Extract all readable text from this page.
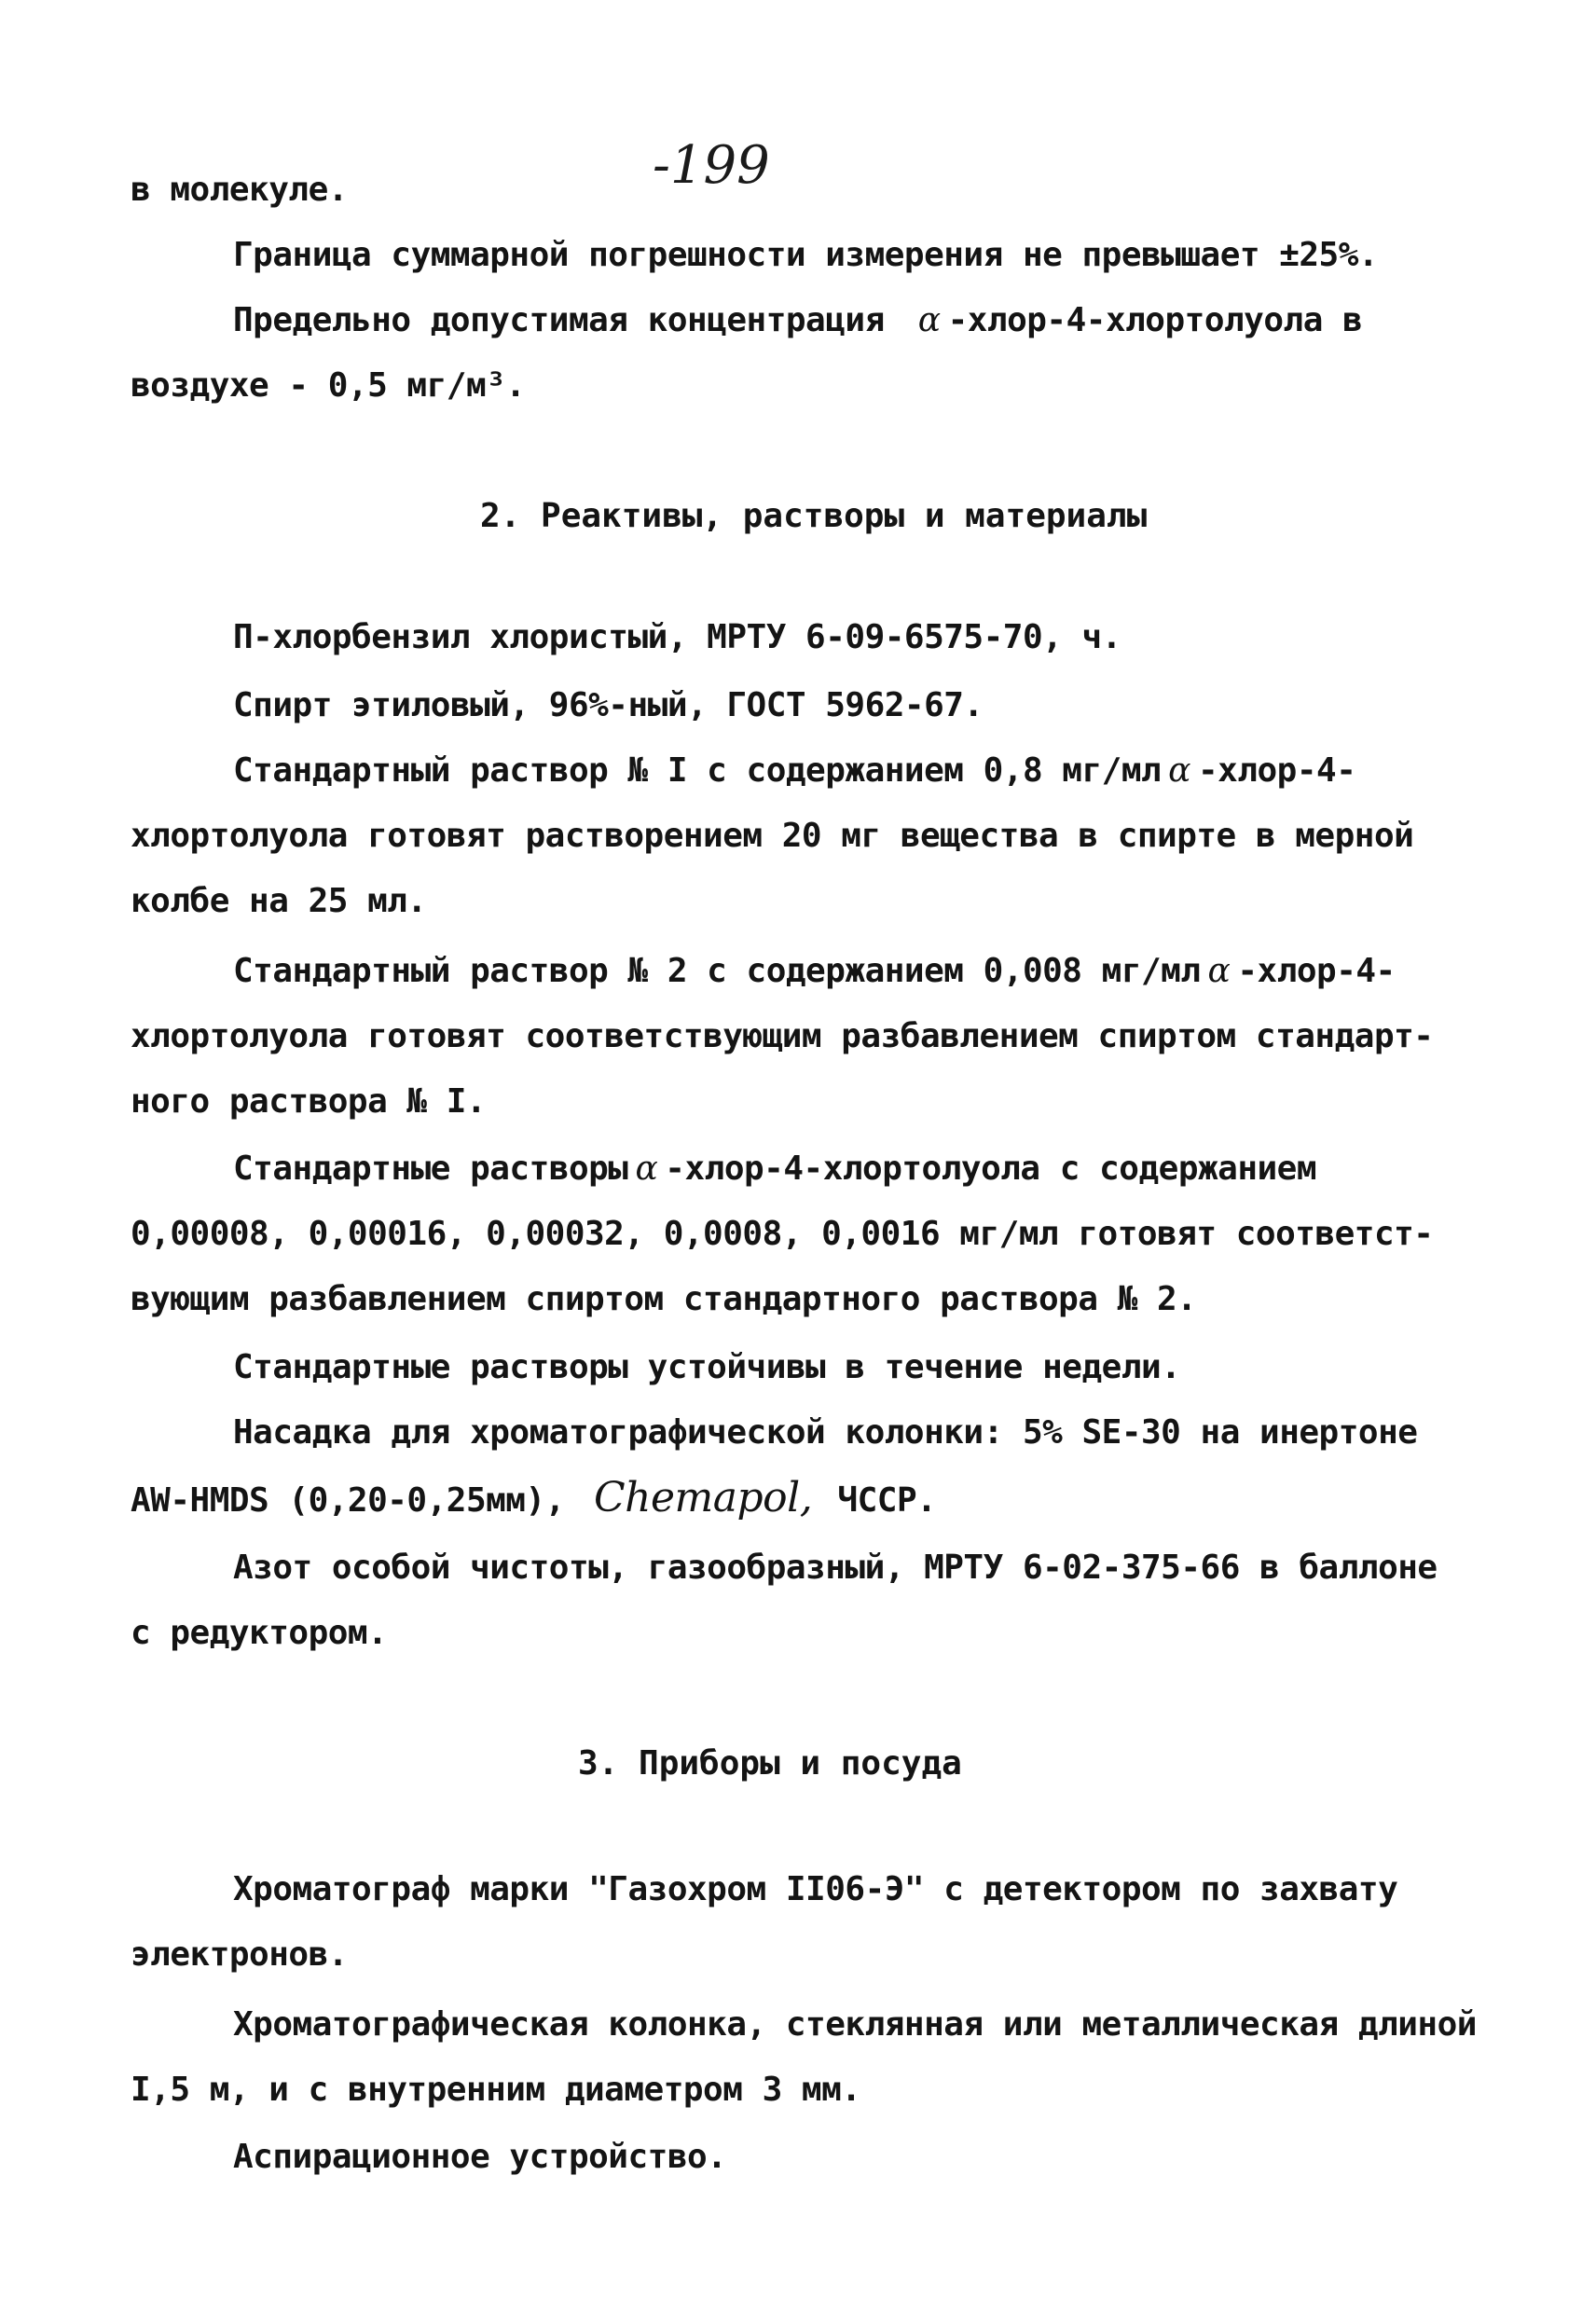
-199
в молекуле.
Граница суммарной погрешности измерения не превышает ±25%.
Предельно допустимая концентрация α -хлор-4-хлортолуола в
воздухе - 0,5 мг/м³.
2. Реактивы, растворы и материалы
П-хлорбензил хлористый, МРТУ 6-09-6575-70, ч.
Спирт этиловый, 96%-ный, ГОСТ 5962-67.
Стандартный раствор № I с содержанием 0,8 мг/мл α -хлор-4-
хлортолуола готовят растворением 20 мг вещества в спирте в мерной
колбе на 25 мл.
Стандартный раствор № 2 с содержанием 0,008 мг/мл α -хлор-4-
хлортолуола готовят соответствующим разбавлением спиртом стандарт-
ного раствора № I.
Стандартные растворы α -хлор-4-хлортолуола с содержанием
0,00008, 0,00016, 0,00032, 0,0008, 0,0016 мг/мл готовят соответст-
вующим разбавлением спиртом стандартного раствора № 2.
Стандартные растворы устойчивы в течение недели.
Насадка для хроматографической колонки: 5% SE-30 на инертоне
AW-HMDS (0,20-0,25мм), Chemapol, ЧССР.
Азот особой чистоты, газообразный, МРТУ 6-02-375-66 в баллоне
с редуктором.
3. Приборы и посуда
Хроматограф марки "Газохром II06-Э" с детектором по захвату
электронов.
Хроматографическая колонка, стеклянная или металлическая длиной
I,5 м, и с внутренним диаметром 3 мм.
Аспирационное устройство.
